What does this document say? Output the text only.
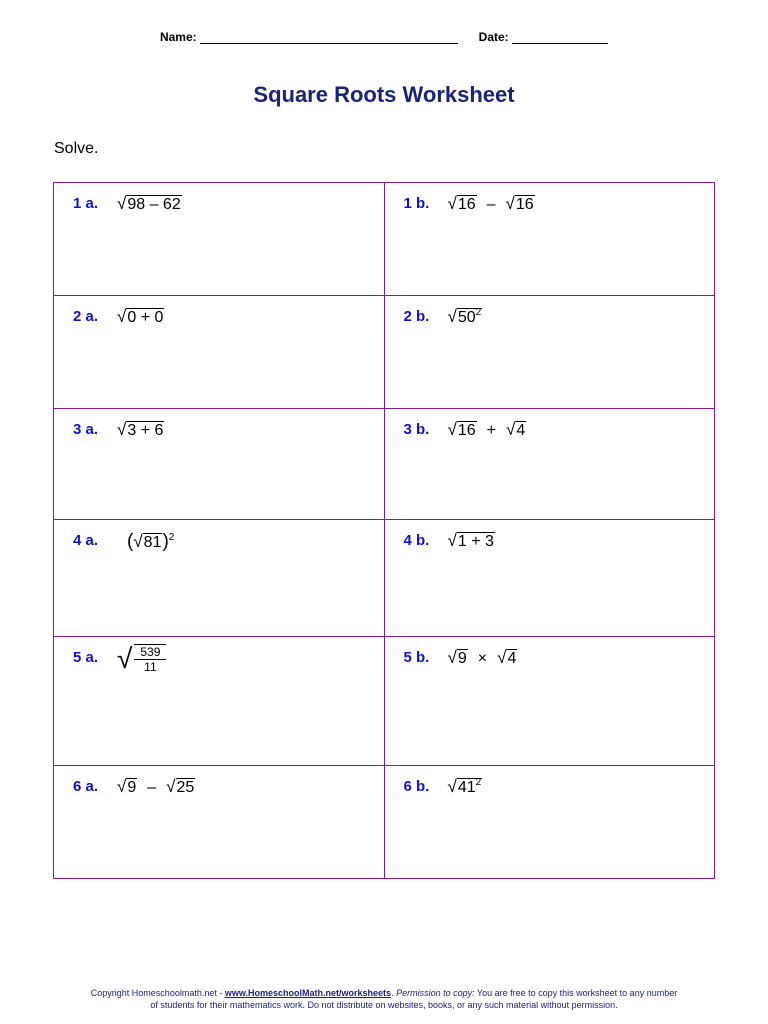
Name:	Date:
Square Roots Worksheet
Solve.
1 a. √98 – 62	1 b. √16 – √16

2 a. √0 + 0	2 b. $√50^2$

3 a. √3 + 6	3 b. √16 + √4

4 a. $(√81)^2$	4 b. √1 + 3

5 a. √ $\frac{539}{11}$	5 b. √9 × √4

6 a. √9 – √25	6 b. $√41^2$
Copyright Homeschoolmath.net - www.HomeschoolMath.net/worksheets. Permission to copy: You are free to copy this worksheet to any number of students for their mathematics work. Do not distribute on websites, books, or any such material without permission.
